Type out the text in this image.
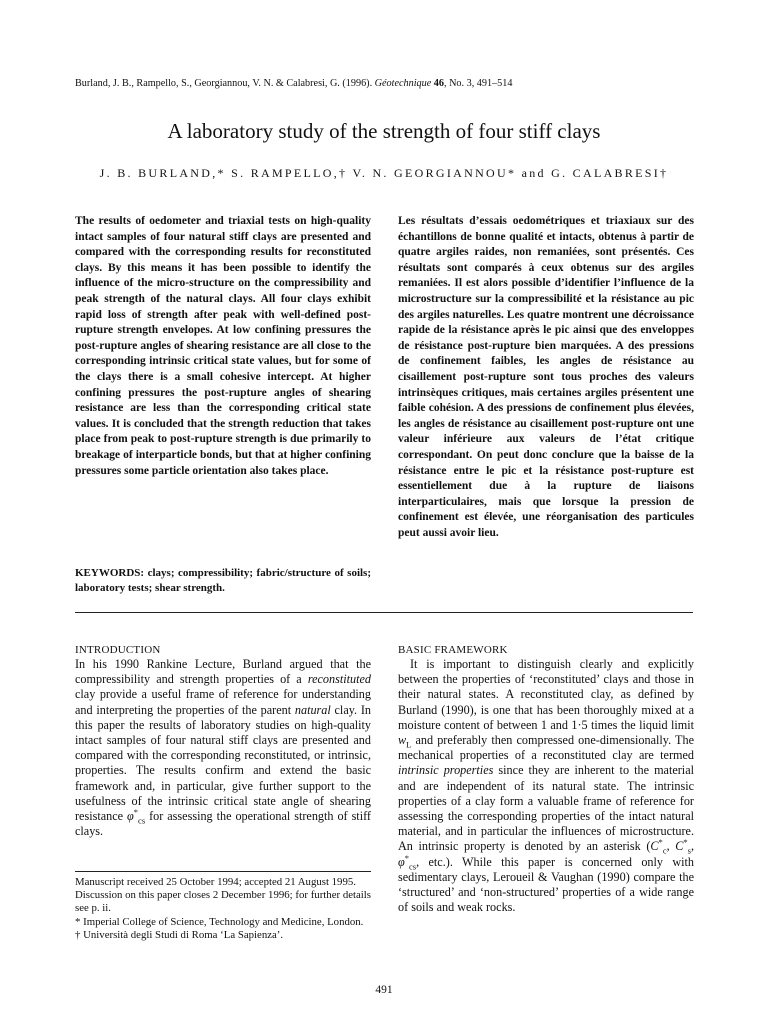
Burland, J. B., Rampello, S., Georgiannou, V. N. & Calabresi, G. (1996). Géotechnique 46, No. 3, 491–514
A laboratory study of the strength of four stiff clays
J. B. BURLAND,* S. RAMPELLO,† V. N. GEORGIANNOU* and G. CALABRESI†

The results of oedometer and triaxial tests on high-quality intact samples of four natural stiff clays are presented and compared with the corresponding results for reconstituted clays. By this means it has been possible to identify the influence of the micro-structure on the compressibility and peak strength of the natural clays. All four clays exhibit rapid loss of strength after peak with well-defined post-rupture strength envelopes. At low confining pressures the post-rupture angles of shearing resistance are all close to the corresponding intrinsic critical state values, but for some of the clays there is a small cohesive intercept. At higher confining pressures the post-rupture angles of shearing resistance are less than the corresponding critical state values. It is concluded that the strength reduction that takes place from peak to post-rupture strength is due primarily to breakage of interparticle bonds, but that at higher confining pressures some particle orientation also takes place.

Les résultats d’essais oedométriques et triaxiaux sur des échantillons de bonne qualité et intacts, obtenus à partir de quatre argiles raides, non remaniées, sont présentés. Ces résultats sont comparés à ceux obtenus sur des argiles remaniées. Il est alors possible d’identifier l’influence de la microstructure sur la compressibilité et la résistance au pic des argiles naturelles. Les quatre montrent une décroissance rapide de la résistance après le pic ainsi que des enveloppes de résistance post-rupture bien marquées. A des pressions de confinement faibles, les angles de résistance au cisaillement post-rupture sont tous proches des valeurs intrinsèques critiques, mais certaines argiles présentent une faible cohésion. A des pressions de confinement plus élevées, les angles de résistance au cisaillement post-rupture ont une valeur inférieure aux valeurs de l’état critique correspondant. On peut donc conclure que la baisse de la résistance entre le pic et la résistance post-rupture est essentiellement due à la rupture de liaisons interparticulaires, mais que lorsque la pression de confinement est élevée, une réorganisation des particules peut aussi avoir lieu.

KEYWORDS: clays; compressibility; fabric/structure of soils; laboratory tests; shear strength.

INTRODUCTION

In his 1990 Rankine Lecture, Burland argued that the compressibility and strength properties of a reconstituted clay provide a useful frame of reference for understanding and interpreting the properties of the parent natural clay. In this paper the results of laboratory studies on high-quality intact samples of four natural stiff clays are presented and compared with the corresponding reconstituted, or intrinsic, properties. The results confirm and extend the basic framework and, in particular, give further support to the usefulness of the intrinsic critical state angle of shearing resistance $\varphi^*_{cs}$ for assessing the operational strength of stiff clays.

BASIC FRAMEWORK

It is important to distinguish clearly and explicitly between the properties of ‘reconstituted’ clays and those in their natural states. A reconstituted clay, as defined by Burland (1990), is one that has been thoroughly mixed at a moisture content of between 1 and 1·5 times the liquid limit $w_L$ and preferably then compressed one-dimensionally. The mechanical properties of a reconstituted clay are termed intrinsic properties since they are inherent to the material and are independent of its natural state. The intrinsic properties of a clay form a valuable frame of reference for assessing the corresponding properties of the intact natural material, and in particular the influences of microstructure. An intrinsic property is denoted by an asterisk ($C^*_c$, $C^*_s$, $\varphi^*_{cs}$, etc.). While this paper is concerned only with sedimentary clays, Leroueil & Vaughan (1990) compare the ‘structured’ and ‘non-structured’ properties of a wide range of soils and weak rocks.

Manuscript received 25 October 1994; accepted 21 August 1995.

Discussion on this paper closes 2 December 1996; for further details see p. ii.

* Imperial College of Science, Technology and Medicine, London.

† Università degli Studi di Roma ‘La Sapienza’.

491
